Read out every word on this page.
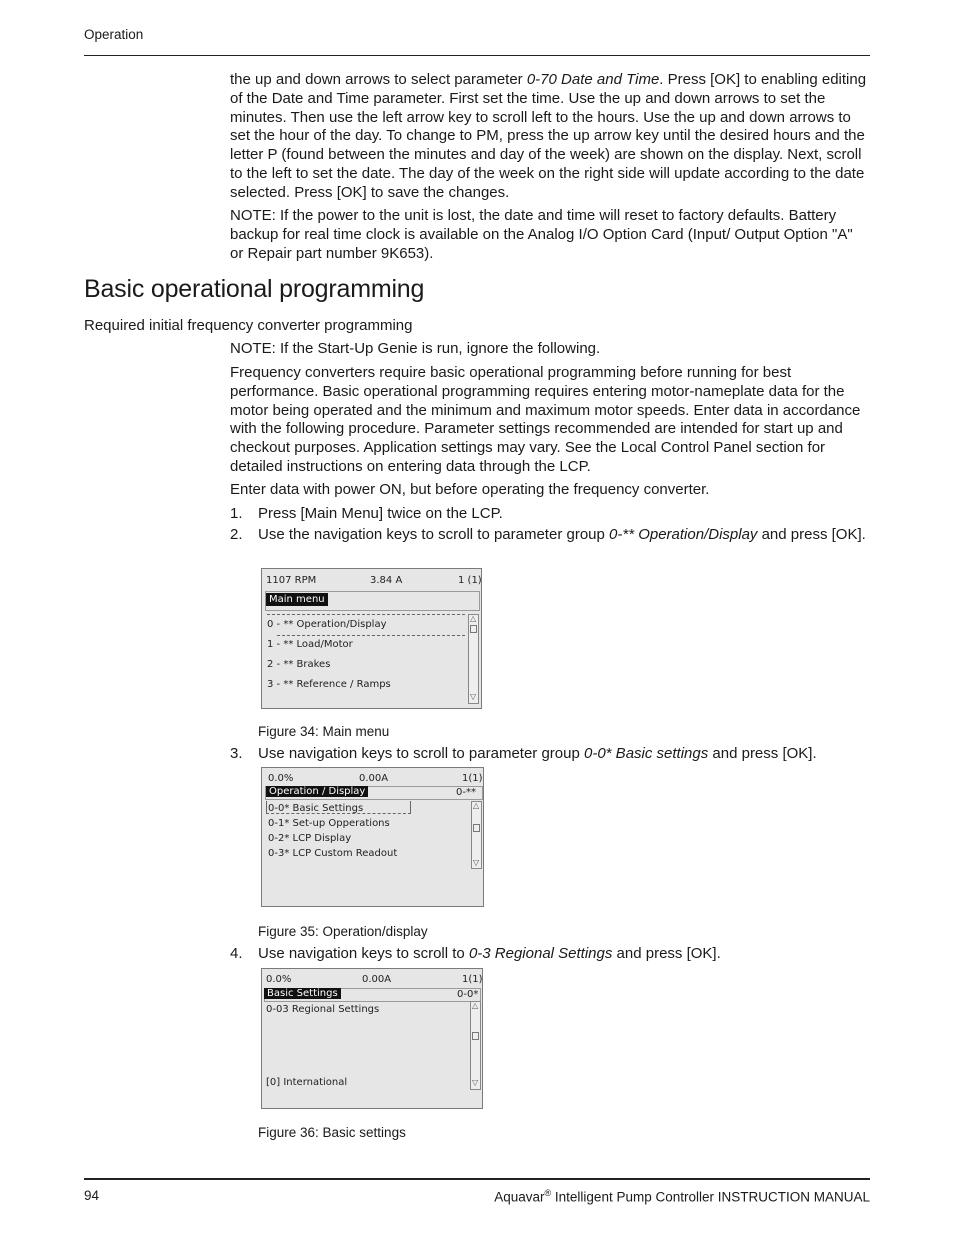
Operation

the up and down arrows to select parameter 0-70 Date and Time. Press [OK] to enabling editing of the Date and Time parameter. First set the time. Use the up and down arrows to set the minutes. Then use the left arrow key to scroll left to the hours. Use the up and down arrows to set the hour of the day. To change to PM, press the up arrow key until the desired hours and the letter P (found between the minutes and day of the week) are shown on the display. Next, scroll to the left to set the date. The day of the week on the right side will update according to the date selected. Press [OK] to save the changes.

NOTE: If the power to the unit is lost, the date and time will reset to factory defaults. Battery backup for real time clock is available on the Analog I/O Option Card (Input/ Output Option "A" or Repair part number 9K653).

Basic operational programming
Required initial frequency converter programming
NOTE: If the Start-Up Genie is run, ignore the following.
Frequency converters require basic operational programming before running for best performance. Basic operational programming requires entering motor-nameplate data for the motor being operated and the minimum and maximum motor speeds. Enter data in accordance with the following procedure. Parameter settings recommended are intended for start up and checkout purposes. Application settings may vary. See the Local Control Panel section for detailed instructions on entering data through the LCP.
Enter data with power ON, but before operating the frequency converter.
1. Press [Main Menu] twice on the LCP.
2. Use the navigation keys to scroll to parameter group 0-** Operation/Display and press [OK].
1107 RPM	3.84 A	1 (1)
Main menu
0 - ** Operation/Display
1 - ** Load/Motor
2 - ** Brakes
3 - ** Reference / Ramps
△
▽
Figure 34: Main menu
3. Use navigation keys to scroll to parameter group 0-0* Basic settings and press [OK].
0.0%	0.00A	1(1)
Operation / Display	0-**
0-0* Basic Settings
0-1* Set-up Opperations
0-2* LCP Display
0-3* LCP Custom Readout
△
▽
Figure 35: Operation/display
4. Use navigation keys to scroll to 0-3 Regional Settings and press [OK].
0.0%	0.00A	1(1)
Basic Settings	0-0*
0-03 Regional Settings
[0] International
△
▽
Figure 36: Basic settings
94	Aquavar® Intelligent Pump Controller INSTRUCTION MANUAL
